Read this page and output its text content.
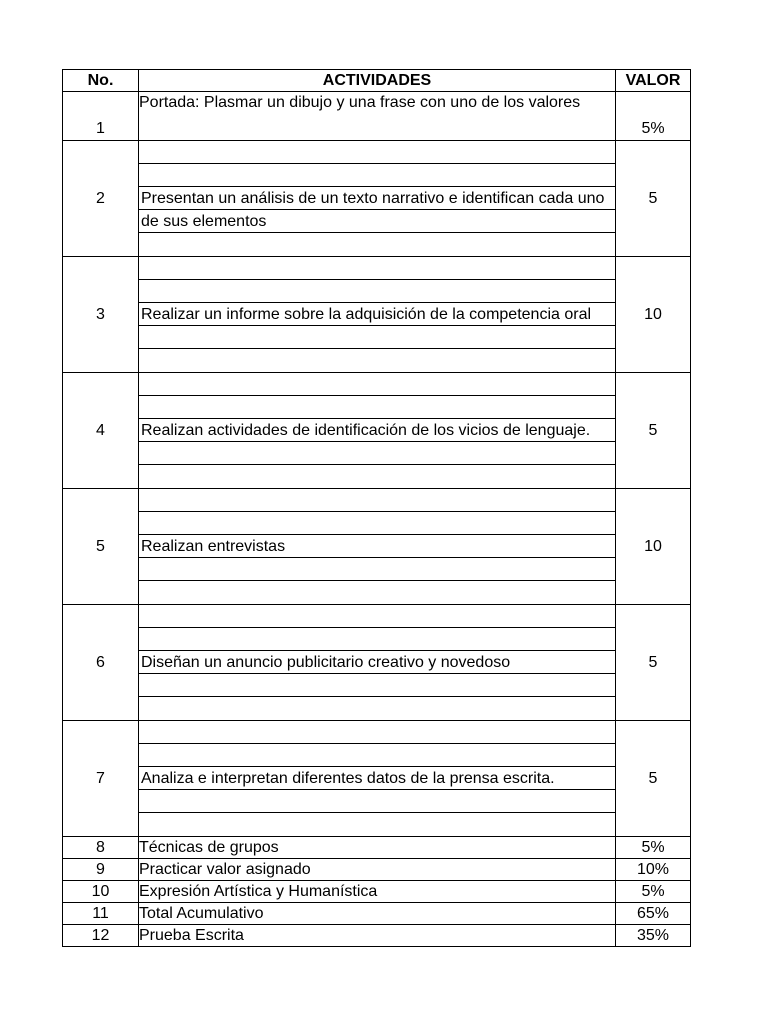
No.	ACTIVIDADES	VALOR
1	Portada: Plasmar un dibujo y una frase con uno de los valores	5%
2	Presentan un análisis de un texto narrativo e identifican cada uno de sus elementos	5
3	Realizar un informe sobre la adquisición de la competencia oral	10
4	Realizan actividades de identificación de los vicios de lenguaje.	5
5	Realizan entrevistas	10
6	Diseñan un anuncio publicitario creativo y novedoso	5
7	Analiza e interpretan diferentes datos de la prensa escrita.	5
8	Técnicas de grupos	5%
9	Practicar valor asignado	10%
10	Expresión Artística y Humanística	5%
11	Total Acumulativo	65%
12	Prueba Escrita	35%
